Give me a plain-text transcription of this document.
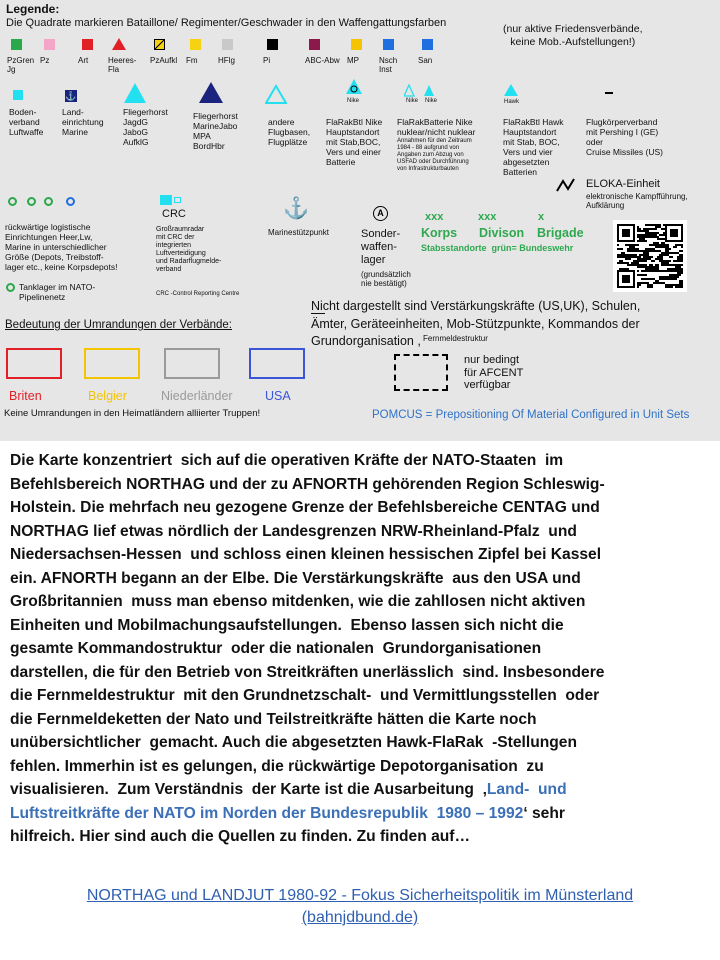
Legende:
Die Quadrate markieren Bataillone/ Regimenter/Geschwader in den Waffengattungsfarben	(nur aktive Friedensverbände,
keine Mob.-Aufstellungen!)
PzGren
Jg
Pz	Art Heeres-
Fla
PzAufkl Fm	HFlg	Pi	ABC-Abw MP	Nsch
Inst
San
⚓	Nike	Nike Nike	Hawk
Boden-
verband
Luftwaffe
Land-
einrichtung
Marine
Fliegerhorst
JagdG
JaboG
AufklG
Fliegerhorst
MarineJabo
MPA
BordHbr
andere
Flugbasen,
Flugplätze
FlaRakBtl Nike
Hauptstandort
mit Stab,BOC,
Vers und einer
Batterie
FlaRakBatterie Nike
nuklear/nicht nuklear
Annahmen für den Zeitraum
1984 - 88 aufgrund von
Angaben zum Abzug von
USFAD oder Durchführung
von Infrastrukturbauten
FlaRakBtl Hawk
Hauptstandort
mit Stab, BOC,
Vers und vier
abgesetzten
Batterien
Flugkörperverband
mit Pershing I (GE)
oder
Cruise Missiles (US)
ELOKA-Einheit
elektronische Kampfführung,
Aufklärung
rückwärtige logistische
Einrichtungen Heer,Lw,
Marine in unterschiedlicher
Größe (Depots, Treibstoff-
lager etc., keine Korpsdepots!
Tanklager im NATO-
Pipelinenetz
CRC
Großraumradar
mit CRC der
integrierten
Luftverteidigung
und Radarflugmelde-
verband
CRC -Control Reporting Centre
⚓
Marinestützpunkt
A
Sonder-
waffen-
lager
(grundsätzlich
nie bestätigt)
xxx	xxx	x
Korps Divison Brigade
Stabsstandorte  grün= Bundeswehr
Nicht dargestellt sind Verstärkungskräfte (US,UK), Schulen,
Ämter, Geräteeinheiten, Mob-Stützpunkte, Kommandos der
Grundorganisation , Fernmeldestruktur
nur bedingt
für AFCENT
verfügbar
Bedeutung der Umrandungen der Verbände:
Briten	Belgier	Niederländer	USA
Keine Umrandungen in den Heimatländern alliierter Truppen!	POMCUS = Prepositioning Of Material Configured in Unit Sets
Die Karte konzentriert  sich auf die operativen Kräfte der NATO-Staaten  im
Befehlsbereich NORTHAG und der zu AFNORTH gehörenden Region Schleswig-
Holstein. Die mehrfach neu gezogene Grenze der Befehlsbereiche CENTAG und
NORTHAG lief etwas nördlich der Landesgrenzen NRW-Rheinland-Pfalz  und
Niedersachsen-Hessen  und schloss einen kleinen hessischen Zipfel bei Kassel
ein. AFNORTH begann an der Elbe. Die Verstärkungskräfte  aus den USA und
Großbritannien  muss man ebenso mitdenken, wie die zahllosen nicht aktiven
Einheiten und Mobilmachungsaufstellungen.  Ebenso lassen sich nicht die
gesamte Kommandostruktur  oder die nationalen  Grundorganisationen
darstellen, die für den Betrieb von Streitkräften unerlässlich  sind. Insbesondere
die Fernmeldestruktur  mit den Grundnetzschalt-  und Vermittlungsstellen  oder
die Fernmeldeketten der Nato und Teilstreitkräfte hätten die Karte noch
unübersichtlicher  gemacht. Auch die abgesetzten Hawk-FlaRak  -Stellungen
fehlen. Immerhin ist es gelungen, die rückwärtige Depotorganisation  zu
visualisieren.  Zum Verständnis  der Karte ist die Ausarbeitung  ‚Land-  und
Luftstreitkräfte der NATO im Norden der Bundesrepublik  1980 – 1992‘ sehr
hilfreich. Hier sind auch die Quellen zu finden. Zu finden auf…
NORTHAG und LANDJUT 1980-92 - Fokus Sicherheitspolitik im Münsterland
(bahnjdbund.de)
